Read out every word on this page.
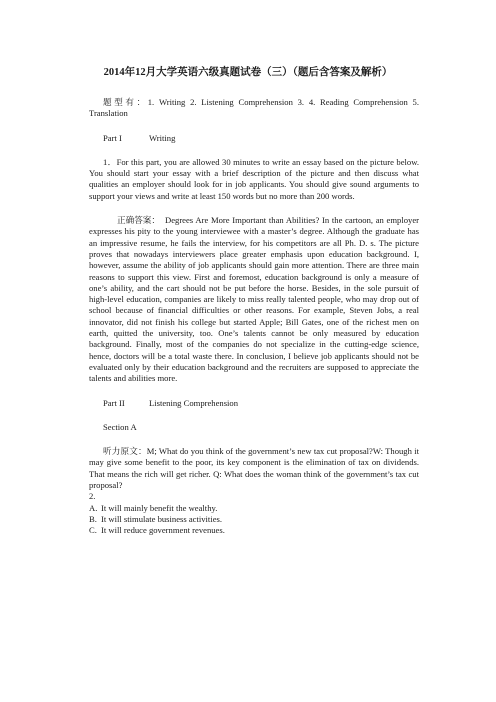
2014年12月大学英语六级真题试卷（三）（题后含答案及解析）

题型有：1. Writing 2. Listening Comprehension 3. 4. Reading Comprehension 5. Translation

Part I	Writing

1．For this part, you are allowed 30 minutes to write an essay based on the picture below. You should start your essay with a brief description of the picture and then discuss what qualities an employer should look for in job applicants. You should give sound arguments to support your views and write at least 150 words but no more than 200 words.

正确答案： Degrees Are More Important than Abilities? In the cartoon, an employer expresses his pity to the young interviewee with a master’s degree. Although the graduate has an impressive resume, he fails the interview, for his competitors are all Ph. D. s. The picture proves that nowadays interviewers place greater emphasis upon education background. I, however, assume the ability of job applicants should gain more attention. There are three main reasons to support this view. First and foremost, education background is only a measure of one’s ability, and the cart should not be put before the horse. Besides, in the sole pursuit of high-level education, companies are likely to miss really talented people, who may drop out of school because of financial difficulties or other reasons. For example, Steven Jobs, a real innovator, did not finish his college but started Apple; Bill Gates, one of the richest men on earth, quitted the university, too. One’s talents cannot be only measured by education background. Finally, most of the companies do not specialize in the cutting-edge science, hence, doctors will be a total waste there. In conclusion, I believe job applicants should not be evaluated only by their education background and the recruiters are supposed to appreciate the talents and abilities more.

Part II	Listening Comprehension

Section A

听力原文：M; What do you think of the government’s new tax cut proposal?W: Though it may give some benefit to the poor, its key component is the elimination of tax on dividends. That means the rich will get richer. Q: What does the woman think of the government’s tax cut proposal?

2.

A. It will mainly benefit the wealthy.

B. It will stimulate business activities.

C. It will reduce government revenues.
